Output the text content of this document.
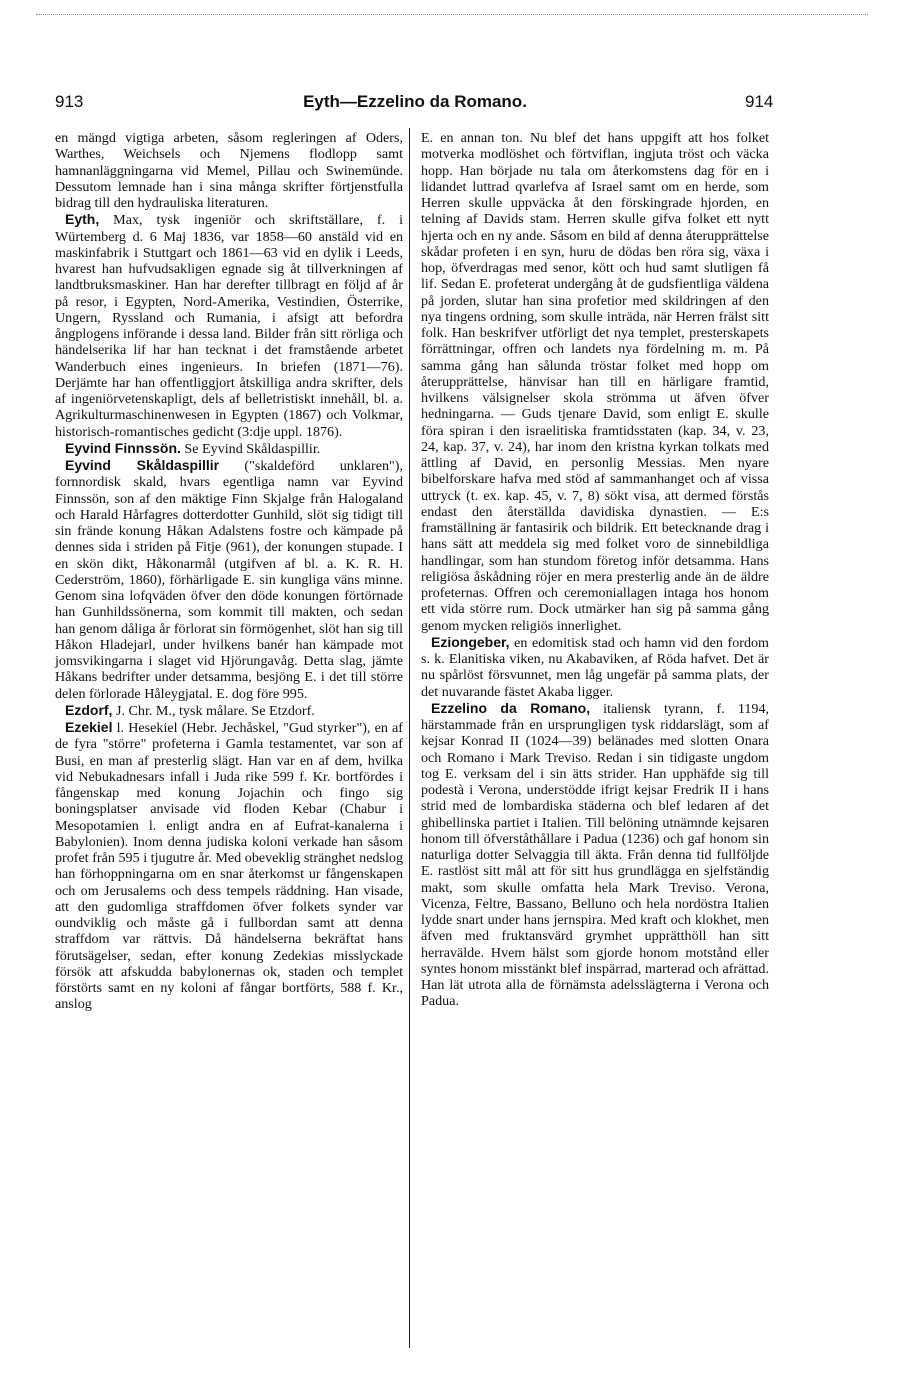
913	Eyth—Ezzelino da Romano.	914

en mängd vigtiga arbeten, såsom regleringen af Oders, Warthes, Weichsels och Njemens flodlopp samt hamnanläggningarna vid Memel, Pillau och Swinemünde. Dessutom lemnade han i sina många skrifter förtjenstfulla bidrag till den hydrauliska literaturen.

Eyth, Max, tysk ingeniör och skriftställare, f. i Würtemberg d. 6 Maj 1836, var 1858—60 anstäld vid en maskinfabrik i Stuttgart och 1861—63 vid en dylik i Leeds, hvarest han hufvudsakligen egnade sig åt tillverkningen af landtbruksmaskiner. Han har derefter tillbragt en följd af år på resor, i Egypten, Nord-Amerika, Vestindien, Österrike, Ungern, Ryssland och Rumania, i afsigt att befordra ångplogens införande i dessa land. Bilder från sitt rörliga och händelserika lif har han tecknat i det framstående arbetet Wanderbuch eines ingenieurs. In briefen (1871—76). Derjämte har han offentliggjort åtskilliga andra skrifter, dels af ingeniörvetenskapligt, dels af belletristiskt innehåll, bl. a. Agrikulturmaschinenwesen in Egypten (1867) och Volkmar, historisch-romantisches gedicht (3:dje uppl. 1876).

Eyvind Finnssön. Se Eyvind Skåldaspillir.

Eyvind Skåldaspillir ("skaldeförd unklaren"), fornnordisk skald, hvars egentliga namn var Eyvind Finnssön, son af den mäktige Finn Skjalge från Halogaland och Harald Hårfagres dotterdotter Gunhild, slöt sig tidigt till sin frände konung Håkan Adalstens fostre och kämpade på dennes sida i striden på Fitje (961), der konungen stupade. I en skön dikt, Håkonarmål (utgifven af bl. a. K. R. H. Cederström, 1860), förhärligade E. sin kungliga väns minne. Genom sina lofqväden öfver den döde konungen förtörnade han Gunhildssönerna, som kommit till makten, och sedan han genom dåliga år förlorat sin förmögenhet, slöt han sig till Håkon Hladejarl, under hvilkens banér han kämpade mot jomsvikingarna i slaget vid Hjörungavåg. Detta slag, jämte Håkans bedrifter under detsamma, besjöng E. i det till större delen förlorade Håleygjatal. E. dog före 995.

Ezdorf, J. Chr. M., tysk målare. Se Etzdorf.

Ezekiel l. Hesekiel (Hebr. Jechåskel, "Gud styrker"), en af de fyra "större" profeterna i Gamla testamentet, var son af Busi, en man af presterlig slägt. Han var en af dem, hvilka vid Nebukadnesars infall i Juda rike 599 f. Kr. bortfördes i fångenskap med konung Jojachin och fingo sig boningsplatser anvisade vid floden Kebar (Chabur i Mesopotamien l. enligt andra en af Eufrat-kanalerna i Babylonien). Inom denna judiska koloni verkade han såsom profet från 595 i tjugutre år. Med obeveklig stränghet nedslog han förhoppningarna om en snar återkomst ur fångenskapen och om Jerusalems och dess tempels räddning. Han visade, att den gudomliga straffdomen öfver folkets synder var oundviklig och måste gå i fullbordan samt att denna straffdom var rättvis. Då händelserna bekräftat hans förutsägelser, sedan, efter konung Zedekias misslyckade försök att afskudda babylonernas ok, staden och templet förstörts samt en ny koloni af fångar bortförts, 588 f. Kr., anslog

E. en annan ton. Nu blef det hans uppgift att hos folket motverka modlöshet och förtviflan, ingjuta tröst och väcka hopp. Han började nu tala om återkomstens dag för en i lidandet luttrad qvarlefva af Israel samt om en herde, som Herren skulle uppväcka åt den förskingrade hjorden, en telning af Davids stam. Herren skulle gifva folket ett nytt hjerta och en ny ande. Såsom en bild af denna återupprättelse skådar profeten i en syn, huru de dödas ben röra sig, växa i hop, öfverdragas med senor, kött och hud samt slutligen få lif. Sedan E. profeterat undergång åt de gudsfientliga väldena på jorden, slutar han sina profetior med skildringen af den nya tingens ordning, som skulle inträda, när Herren frälst sitt folk. Han beskrifver utförligt det nya templet, presterskapets förrättningar, offren och landets nya fördelning m. m. På samma gång han sålunda tröstar folket med hopp om återupprättelse, hänvisar han till en härligare framtid, hvilkens välsignelser skola strömma ut äfven öfver hedningarna. — Guds tjenare David, som enligt E. skulle föra spiran i den israelitiska framtidsstaten (kap. 34, v. 23, 24, kap. 37, v. 24), har inom den kristna kyrkan tolkats med ättling af David, en personlig Messias. Men nyare bibelforskare hafva med stöd af sammanhanget och af vissa uttryck (t. ex. kap. 45, v. 7, 8) sökt visa, att dermed förstås endast den återställda davidiska dynastien. — E:s framställning är fantasirik och bildrik. Ett betecknande drag i hans sätt att meddela sig med folket voro de sinnebildliga handlingar, som han stundom företog inför detsamma. Hans religiösa åskådning röjer en mera presterlig ande än de äldre profeternas. Offren och ceremoniallagen intaga hos honom ett vida större rum. Dock utmärker han sig på samma gång genom mycken religiös innerlighet.

Eziongeber, en edomitisk stad och hamn vid den fordom s. k. Elanitiska viken, nu Akabaviken, af Röda hafvet. Det är nu spårlöst försvunnet, men låg ungefär på samma plats, der det nuvarande fästet Akaba ligger.

Ezzelino da Romano, italiensk tyrann, f. 1194, härstammade från en ursprungligen tysk riddarslägt, som af kejsar Konrad II (1024—39) belänades med slotten Onara och Romano i Mark Treviso. Redan i sin tidigaste ungdom tog E. verksam del i sin ätts strider. Han upphäfde sig till podestà i Verona, understödde ifrigt kejsar Fredrik II i hans strid med de lombardiska städerna och blef ledaren af det ghibellinska partiet i Italien. Till belöning utnämnde kejsaren honom till öfverståthållare i Padua (1236) och gaf honom sin naturliga dotter Selvaggia till äkta. Från denna tid fullföljde E. rastlöst sitt mål att för sitt hus grundlägga en sjelfständig makt, som skulle omfatta hela Mark Treviso. Verona, Vicenza, Feltre, Bassano, Belluno och hela nordöstra Italien lydde snart under hans jernspira. Med kraft och klokhet, men äfven med fruktansvärd grymhet upprätthöll han sitt herravälde. Hvem hälst som gjorde honom motstånd eller syntes honom misstänkt blef inspärrad, marterad och afrättad. Han lät utrota alla de förnämsta adelsslägterna i Verona och Padua.
